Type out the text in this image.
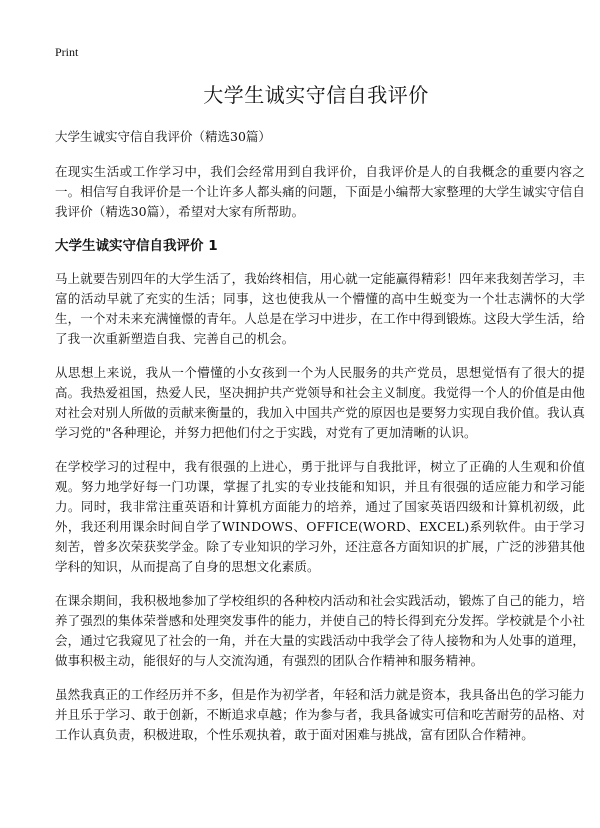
Print
大学生诚实守信自我评价
大学生诚实守信自我评价（精选30篇）

在现实生活或工作学习中，我们会经常用到自我评价，自我评价是人的自我概念的重要内容之一。相信写自我评价是一个让许多人都头痛的问题，下面是小编帮大家整理的大学生诚实守信自我评价（精选30篇），希望对大家有所帮助。

大学生诚实守信自我评价 1

马上就要告别四年的大学生活了，我始终相信，用心就一定能赢得精彩！四年来我刻苦学习，丰富的活动早就了充实的生活；同事，这也使我从一个懵懂的高中生蜕变为一个壮志满怀的大学生，一个对未来充满憧憬的青年。人总是在学习中进步，在工作中得到锻炼。这段大学生活，给了我一次重新塑造自我、完善自己的机会。

从思想上来说，我从一个懵懂的小女孩到一个为人民服务的共产党员，思想觉悟有了很大的提高。我热爱祖国，热爱人民，坚决拥护共产党领导和社会主义制度。我觉得一个人的价值是由他对社会对别人所做的贡献来衡量的，我加入中国共产党的原因也是要努力实现自我价值。我认真学习党的"各种理论，并努力把他们付之于实践，对党有了更加清晰的认识。

在学校学习的过程中，我有很强的上进心，勇于批评与自我批评，树立了正确的人生观和价值观。努力地学好每一门功课，掌握了扎实的专业技能和知识，并且有很强的适应能力和学习能力。同时，我非常注重英语和计算机方面能力的培养，通过了国家英语四级和计算机初级，此外，我还利用课余时间自学了WINDOWS、OFFICE(WORD、EXCEL)系列软件。由于学习刻苦，曾多次荣获奖学金。除了专业知识的学习外，还注意各方面知识的扩展，广泛的涉猎其他学科的知识，从而提高了自身的思想文化素质。

在课余期间，我积极地参加了学校组织的各种校内活动和社会实践活动，锻炼了自己的能力，培养了强烈的集体荣誉感和处理突发事件的能力，并使自己的特长得到充分发挥。学校就是个小社会，通过它我窥见了社会的一角，并在大量的实践活动中我学会了待人接物和为人处事的道理，做事积极主动，能很好的与人交流沟通，有强烈的团队合作精神和服务精神。

虽然我真正的工作经历并不多，但是作为初学者，年轻和活力就是资本，我具备出色的学习能力并且乐于学习、敢于创新，不断追求卓越；作为参与者，我具备诚实可信和吃苦耐劳的品格、对工作认真负责，积极进取，个性乐观执着，敢于面对困难与挑战，富有团队合作精神。
